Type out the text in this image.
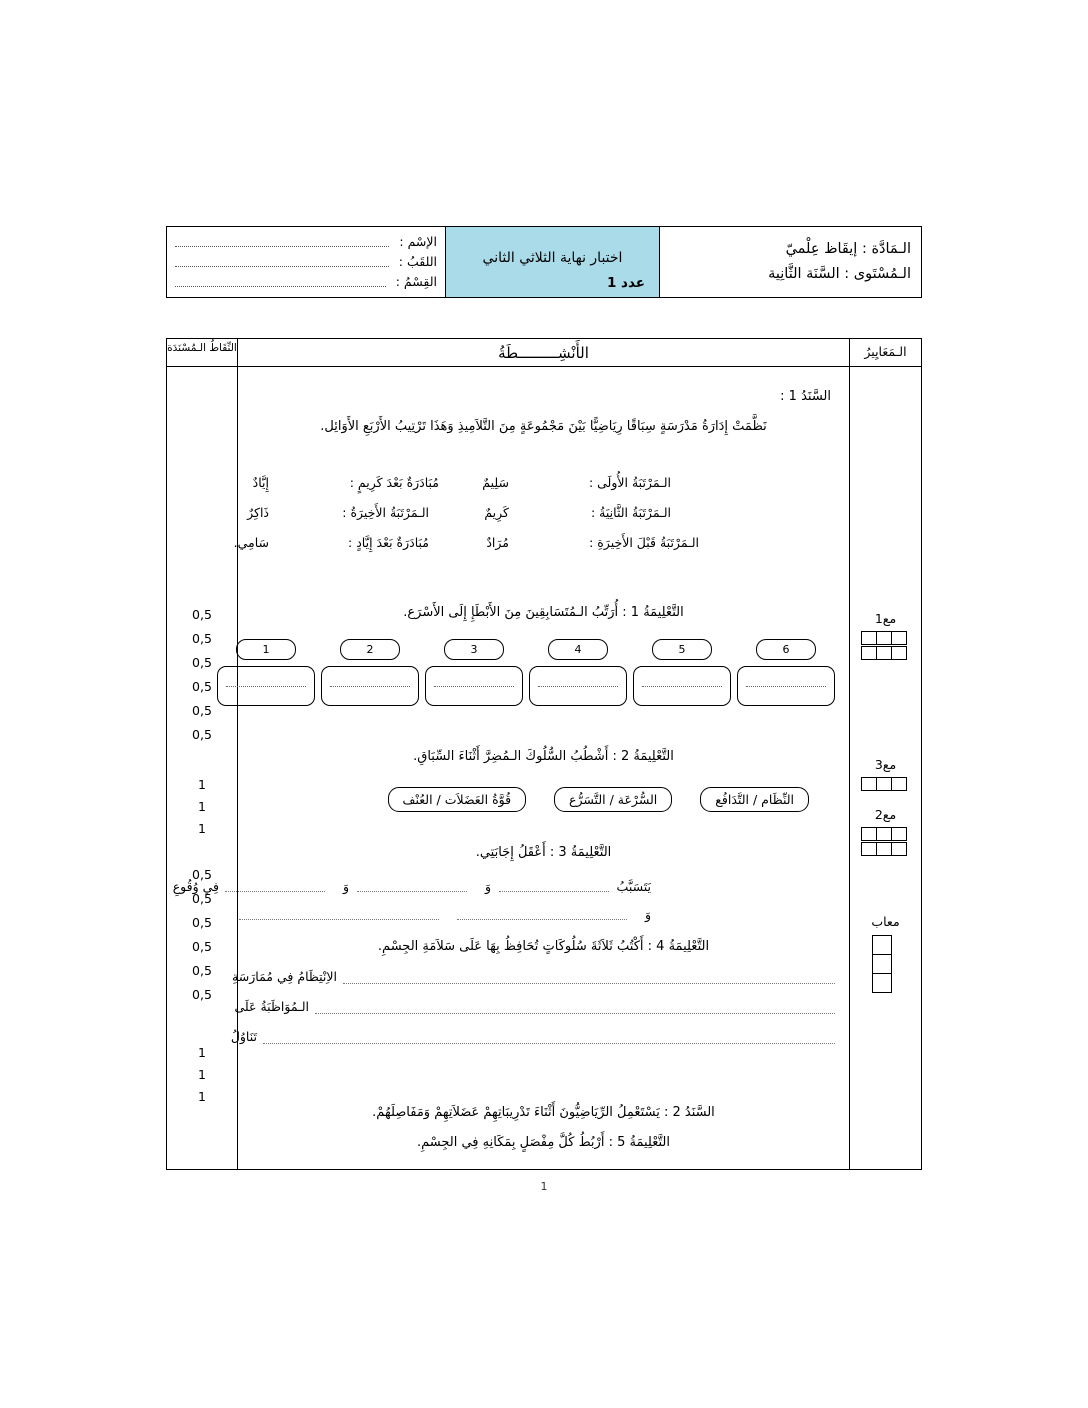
الـمَادَّة : إيقَاظ عِلْميّ
الـمُسْتَوى : السَّنَة الثَّانِية
اختبار نهاية الثلاثي الثاني
عدد 1
الإسْم :
اللقَبُ :
القِسْمُ :
الـمَعَايِيرُ
مع1
مع3
مع2
معاب
الأَنْشِـــــــــطَةُ
السَّنَدُ 1 :
نَظَّمَتْ إِدَارَةُ مَدْرَسَةٍ سِبَاقًا رِيَاضِيًّا بَيْنَ مَجْمُوعَةٍ مِنَ التَّلاَمِيذِ وَهَذَا تَرْتِيبُ الأَرْبَعِ الأَوَائِل.
الـمَرْتَبَةُ الأُولَى :
سَلِيمٌ
مُبَادَرَةٌ بَعْدَ كَرِيمٍ :
إِيَّادٌ
الـمَرْتَبَةُ الثَّانِيَةُ :
كَرِيمٌ
الـمَرْتَبَةُ الأَخِيرَةُ :
ذَاكِرٌ
الـمَرْتَبَةُ قَبْلَ الأَخِيرَةِ :
مُرَادٌ
مُبَادَرَةٌ بَعْدَ إِيَّادٍ :
سَامِي.
التَّعْلِيمَةُ 1 : أُرَتِّبُ الـمُتَسَابِقِينَ مِنَ الأَبْطَإِ إِلَى الأَسْرَع.
6
5
4
3
2
1
التَّعْلِيمَةُ 2 : أَشْطُبُ السُّلُوكَ الـمُضِرَّ أَثْنَاءَ السِّبَاقِ.
النِّظَام / التَّدَافُع
السُّرْعَة / التَّسَرُّع
قُوَّةُ العَضَلاَت / العُنْف
التَّعْلِيمَةُ 3 : أَعْقَلُ إِجَابَتِي.
يَتَسَبَّبُ
وَ
وَ
فِي وُقُوعِ
وَ
التَّعْلِيمَةُ 4 : أَكْتُبُ ثَلاَثَةَ سُلُوكَاتٍ تُحَافِظُ بِهَا عَلَى سَلاَمَةِ الجِسْمِ.
الاِنْتِظَامُ فِي مُمَارَسَةِ
الـمُوَاظَبَةُ عَلَى
تَنَاوُلُ
السَّنَدُ 2 : يَسْتَعْمِلُ الرِّيَاضِيُّونَ أَثْنَاءَ تَدْرِيبَاتِهِمْ عَضَلاَتِهِمْ وَمَفَاصِلَهُمْ.
التَّعْلِيمَةُ 5 : أَرْبُطُ كُلَّ مِفْصَلٍ بِمَكَانِهِ فِي الجِسْمِ.
النِّقَاطُ الـمُسْنَدَة
0,5
0,5
0,5
0,5
0,5
0,5
1
1
1
0,5
0,5
0,5
0,5
0,5
0,5
1
1
1
1
